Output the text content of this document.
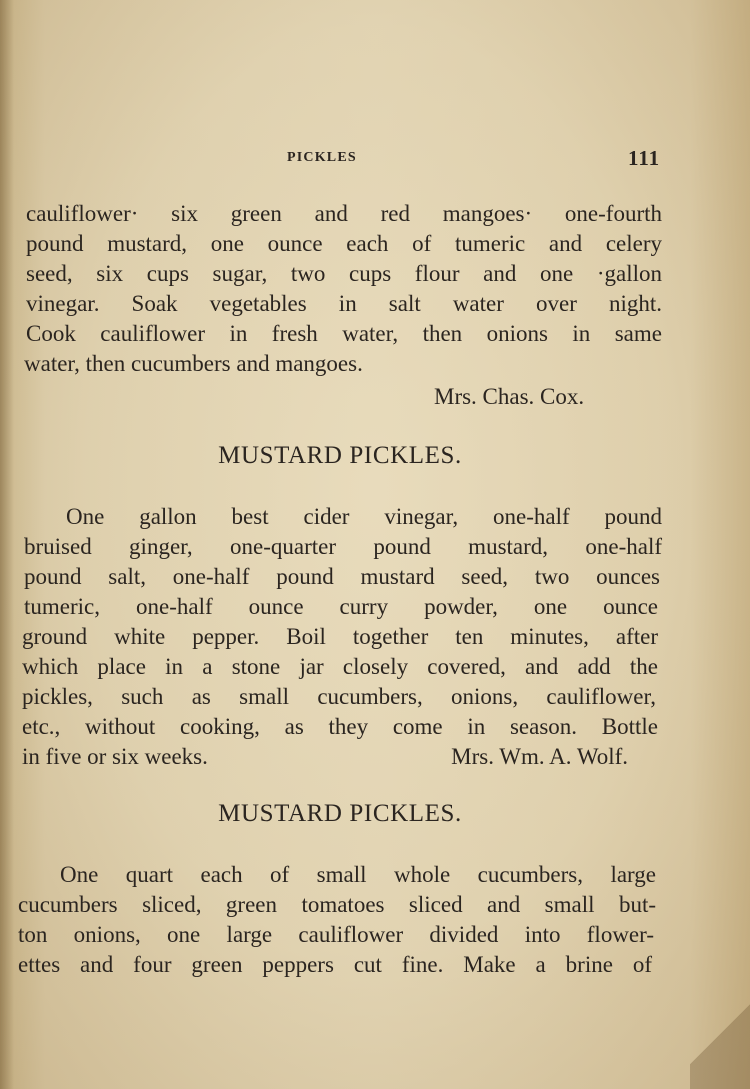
PICKLES	111
cauliflower· six green and red mangoes· one-fourth
pound mustard, one ounce each of tumeric and celery
seed, six cups sugar, two cups flour and one ·gallon
vinegar. Soak vegetables in salt water over night.
Cook cauliflower in fresh water, then onions in same
water, then cucumbers and mangoes.
Mrs. Chas. Cox.
MUSTARD PICKLES.
One gallon best cider vinegar, one-half pound
bruised ginger, one-quarter pound mustard, one-half
pound salt, one-half pound mustard seed, two ounces
tumeric, one-half ounce curry powder, one ounce
ground white pepper. Boil together ten minutes, after
which place in a stone jar closely covered, and add the
pickles, such as small cucumbers, onions, cauliflower,
etc., without cooking, as they come in season. Bottle
in five or six weeks.	Mrs. Wm. A. Wolf.
MUSTARD PICKLES.
One quart each of small whole cucumbers, large
cucumbers sliced, green tomatoes sliced and small but-
ton onions, one large cauliflower divided into flower-
ettes and four green peppers cut fine. Make a brine of
